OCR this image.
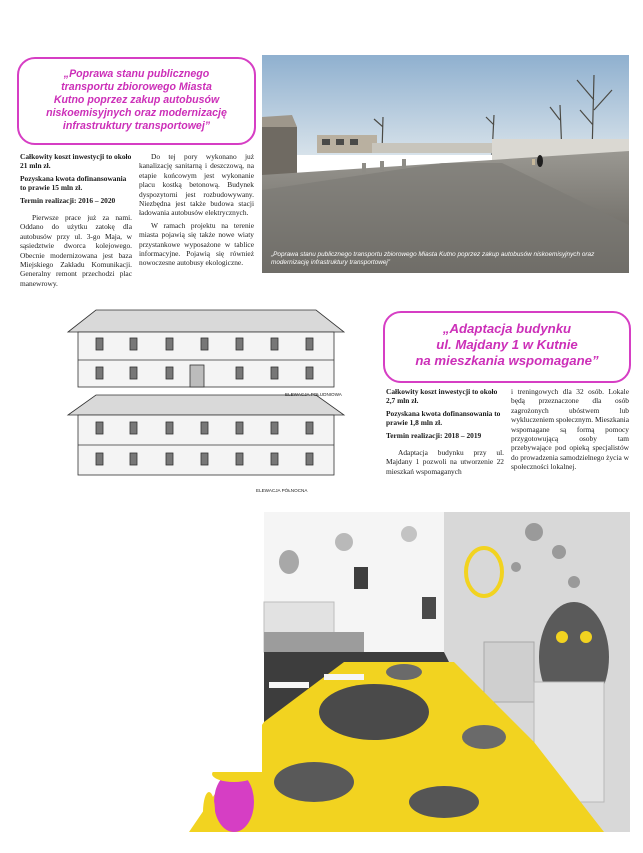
„Poprawa stanu publicznego
transportu zbiorowego Miasta
Kutno poprzez zakup autobusów
niskoemisyjnych oraz modernizację
infrastruktury transportowej”

Całkowity koszt inwestycji to około 21 mln zł.

Pozyskana kwota dofinansowania to prawie 15 mln zł.

Termin realizacji: 2016 – 2020

Pierwsze prace już za nami. Oddano do użytku zatokę dla autobusów przy ul. 3-go Maja, w sąsiedztwie dworca kolejowego. Obecnie modernizowana jest baza Miejskiego Zakładu Komunikacji. Generalny remont przechodzi plac manewrowy.

Do tej pory wykonano już kanalizację sanitarną i deszczową, na etapie końcowym jest wykonanie placu kostką betonową. Budynek dyspozytorni jest rozbudowywany. Niezbędna jest także budowa stacji ładowania autobusów elektrycznych.

W ramach projektu na terenie miasta pojawią się także nowe wiaty przystankowe wyposażone w tablice informacyjne. Pojawią się również nowoczesne autobusy ekologiczne.

„Poprawa stanu publicznego transportu zbiorowego Miasta Kutno poprzez zakup autobusów niskoemisyjnych oraz modernizację infrastruktury transportowej”
ELEWACJA POŁUDNIOWA
ELEWACJA PÓŁNOCNA
„Adaptacja budynku
ul. Majdany 1 w Kutnie
na mieszkania wspomagane”

Całkowity koszt inwestycji to około 2,7 mln zł.

Pozyskana kwota dofinansowania to prawie 1,8 mln zł.

Termin realizacji: 2018 – 2019

Adaptacja budynku przy ul. Majdany 1 pozwoli na utworzenie 22 mieszkań wspomaganych

i treningowych dla 32 osób. Lokale będą przeznaczone dla osób zagrożonych ubóstwem lub wykluczeniem społecznym. Mieszkania wspomagane są formą pomocy przygotowującą osoby tam przebywające pod opieką specjalistów do prowadzenia samodzielnego życia w społeczności lokalnej.
